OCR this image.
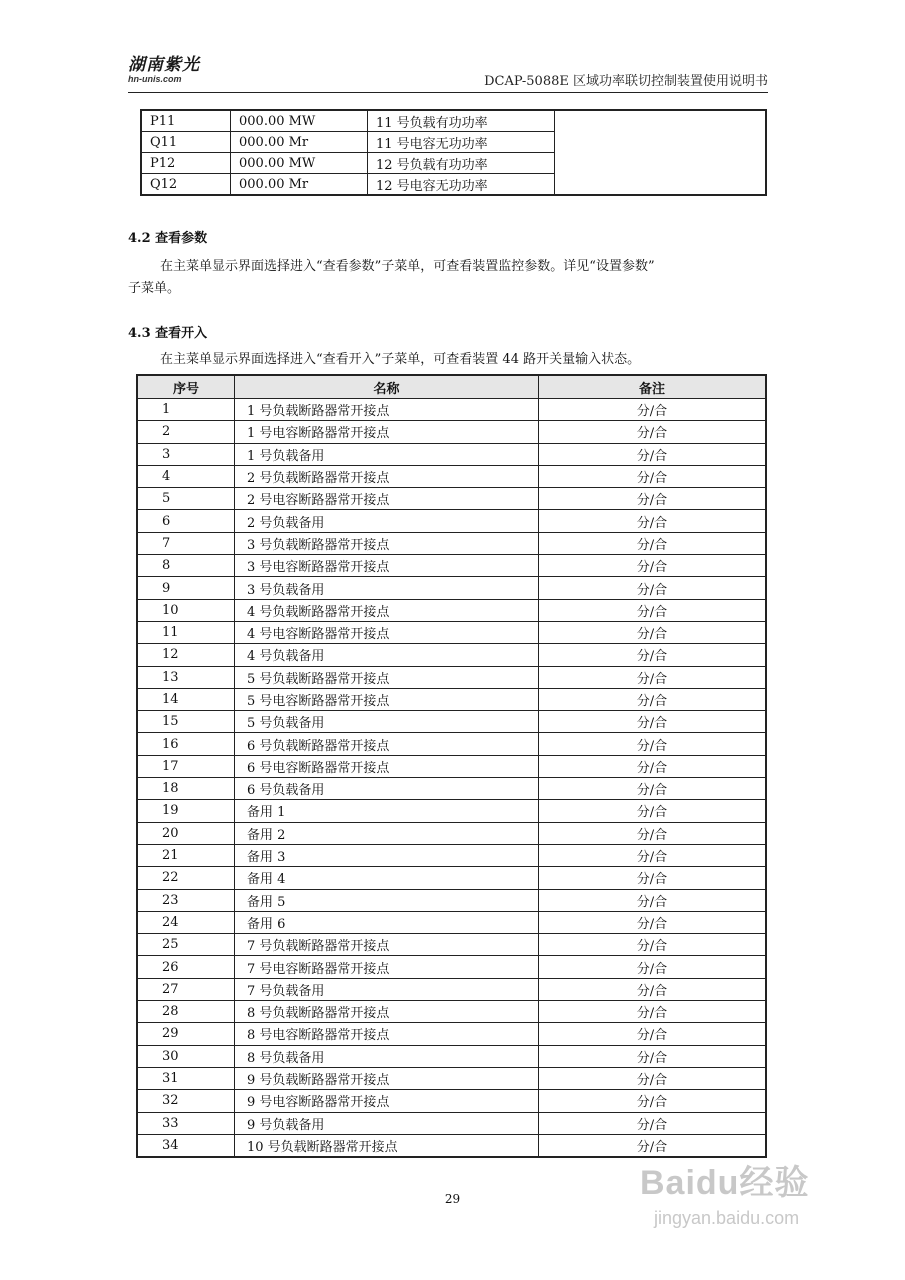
湖南紫光
hn-unis.com	DCAP-5088E 区域功率联切控制装置使用说明书
P11	000.00 MW	11 号负载有功功率	
Q11	000.00 Mr	11 号电容无功功率	
P12	000.00 MW	12 号负载有功功率	
Q12	000.00 Mr	12 号电容无功功率	
4.2 查看参数
在主菜单显示界面选择进入“查看参数”子菜单，可查看装置监控参数。详见“设置参数”
子菜单。
4.3 查看开入
在主菜单显示界面选择进入“查看开入”子菜单，可查看装置 44 路开关量输入状态。
序号	名称	备注
1	1 号负载断路器常开接点	分/合
2	1 号电容断路器常开接点	分/合
3	1 号负载备用	分/合
4	2 号负载断路器常开接点	分/合
5	2 号电容断路器常开接点	分/合
6	2 号负载备用	分/合
7	3 号负载断路器常开接点	分/合
8	3 号电容断路器常开接点	分/合
9	3 号负载备用	分/合
10	4 号负载断路器常开接点	分/合
11	4 号电容断路器常开接点	分/合
12	4 号负载备用	分/合
13	5 号负载断路器常开接点	分/合
14	5 号电容断路器常开接点	分/合
15	5 号负载备用	分/合
16	6 号负载断路器常开接点	分/合
17	6 号电容断路器常开接点	分/合
18	6 号负载备用	分/合
19	备用 1	分/合
20	备用 2	分/合
21	备用 3	分/合
22	备用 4	分/合
23	备用 5	分/合
24	备用 6	分/合
25	7 号负载断路器常开接点	分/合
26	7 号电容断路器常开接点	分/合
27	7 号负载备用	分/合
28	8 号负载断路器常开接点	分/合
29	8 号电容断路器常开接点	分/合
30	8 号负载备用	分/合
31	9 号负载断路器常开接点	分/合
32	9 号电容断路器常开接点	分/合
33	9 号负载备用	分/合
34	10 号负载断路器常开接点	分/合
29	Baidu经验
jingyan.baidu.com
